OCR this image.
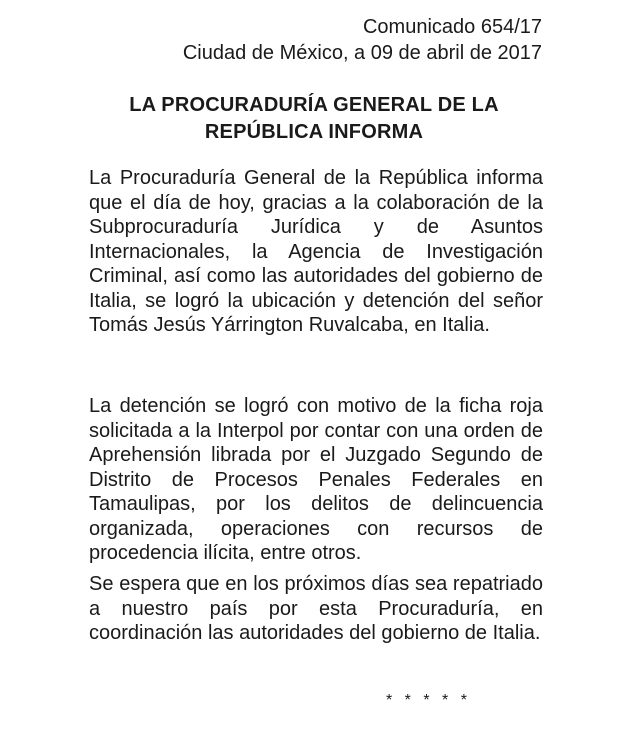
Comunicado 654/17
Ciudad de México, a 09 de abril de 2017
LA PROCURADURÍA GENERAL DE LA
REPÚBLICA INFORMA

La Procuraduría General de la República informa que el día de hoy, gracias a la colaboración de la Subprocuraduría Jurídica y de Asuntos Internacionales, la Agencia de Investigación Criminal, así como las autoridades del gobierno de Italia, se logró la ubicación y detención del señor Tomás Jesús Yárrington Ruvalcaba, en Italia.

La detención se logró con motivo de la ficha roja solicitada a la Interpol por contar con una orden de Aprehensión librada por el Juzgado Segundo de Distrito de Procesos Penales Federales en Tamaulipas, por los delitos de delincuencia organizada, operaciones con recursos de procedencia ilícita, entre otros.

Se espera que en los próximos días sea repatriado a nuestro país por esta Procuraduría, en coordinación las autoridades del gobierno de Italia.

* * * * *
